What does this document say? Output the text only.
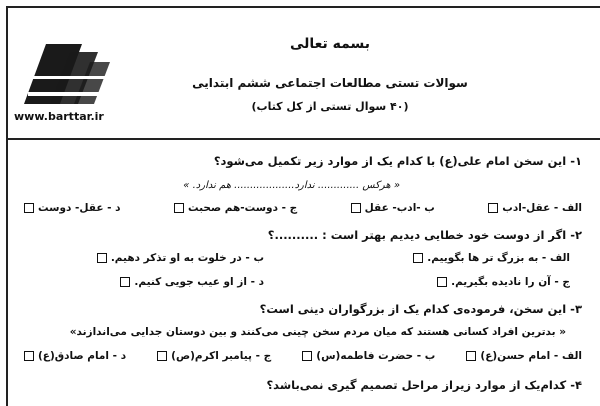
www.barttar.ir
بسمه تعالی
سوالات تستی مطالعات اجتماعی ششم ابتدایی
(۴۰ سوال تستی از کل کتاب)
۱- این سخن امام علی(ع) با کدام یک از موارد زیر تکمیل می‌شود؟
« هرکس ............. ندارد................... هم ندارد. »
الف - عقل-ادب
ب -ادب- عقل
ج - دوست-هم صحبت
د - عقل- دوست
۲- اگر از دوست خود خطایی دیدیم بهتر است : ..........؟
الف - به بزرگ تر ها بگوییم.
ب - در خلوت به او تذکر دهیم.
ج - آن را نادیده بگیریم.
د - از او عیب جویی کنیم.
۳- این سخن، فرموده‌ی کدام یک از بزرگواران دینی است؟
« بدترین افراد کسانی هستند که میان مردم سخن چینی می‌کنند و بین دوستان جدایی می‌اندازند»
الف - امام حسن(ع)
ب - حضرت فاطمه(س)
ج - پیامبر اکرم(ص)
د - امام صادق(ع)
۴- کدام‌یک از موارد زیراز مراحل تصمیم گیری نمی‌باشد؟
